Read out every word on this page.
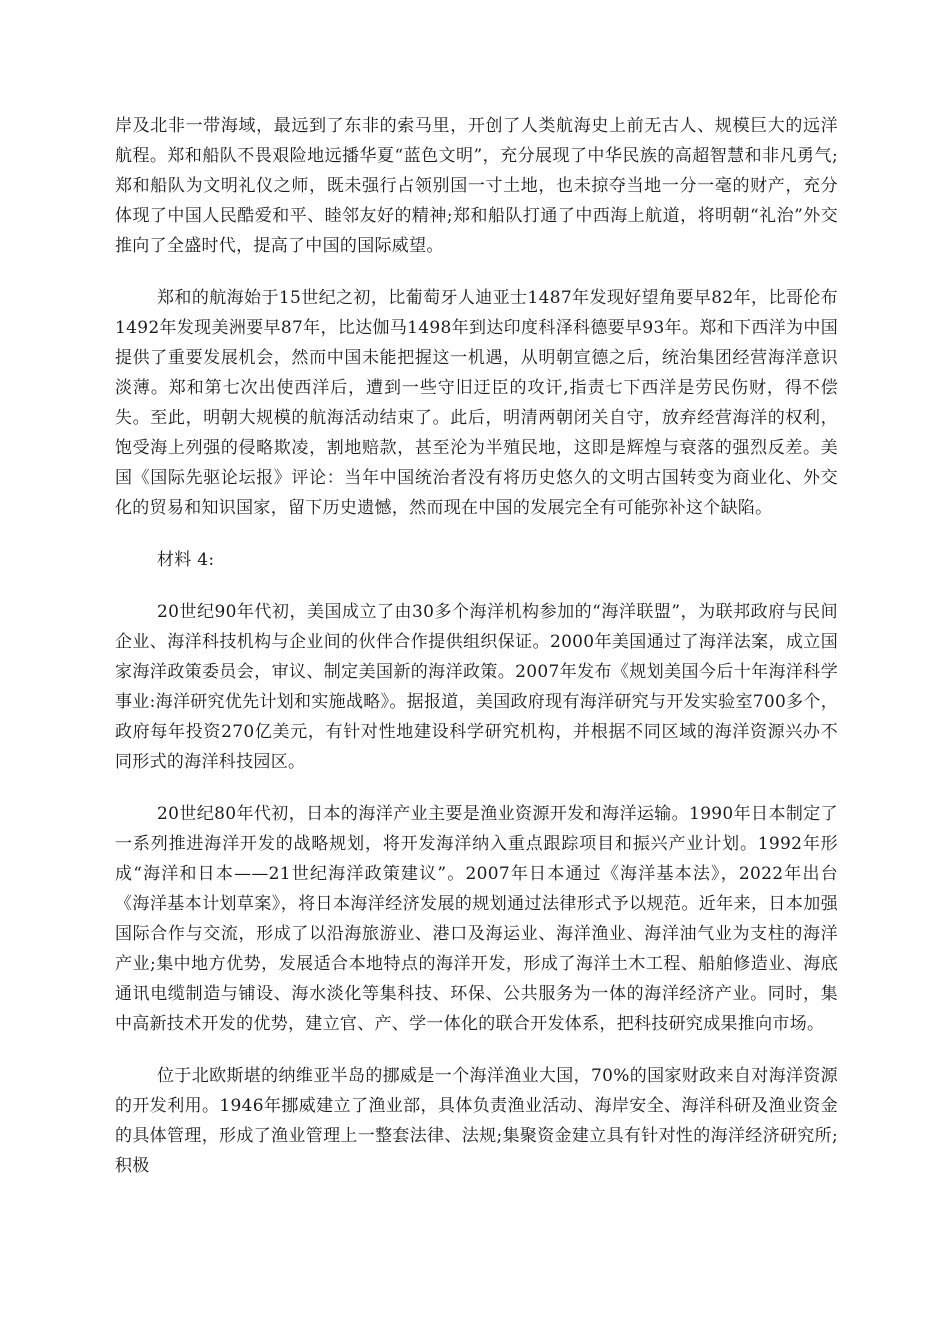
岸及北非一带海域，最远到了东非的索马里，开创了人类航海史上前无古人、规模巨大的远洋航程。郑和船队不畏艰险地远播华夏“蓝色文明”，充分展现了中华民族的高超智慧和非凡勇气;郑和船队为文明礼仪之师，既未强行占领别国一寸土地，也未掠夺当地一分一毫的财产，充分体现了中国人民酷爱和平、睦邻友好的精神;郑和船队打通了中西海上航道，将明朝“礼治”外交推向了全盛时代，提高了中国的国际威望。

郑和的航海始于15世纪之初，比葡萄牙人迪亚士1487年发现好望角要早82年，比哥伦布1492年发现美洲要早87年，比达伽马1498年到达印度科泽科德要早93年。郑和下西洋为中国提供了重要发展机会，然而中国未能把握这一机遇，从明朝宣德之后，统治集团经营海洋意识淡薄。郑和第七次出使西洋后，遭到一些守旧迂臣的攻讦,指责七下西洋是劳民伤财，得不偿失。至此，明朝大规模的航海活动结束了。此后，明清两朝闭关自守，放弃经营海洋的权利，饱受海上列强的侵略欺凌，割地赔款，甚至沦为半殖民地，这即是辉煌与衰落的强烈反差。美国《国际先驱论坛报》评论：当年中国统治者没有将历史悠久的文明古国转变为商业化、外交化的贸易和知识国家，留下历史遗憾，然而现在中国的发展完全有可能弥补这个缺陷。

材料 4:

20世纪90年代初，美国成立了由30多个海洋机构参加的“海洋联盟”，为联邦政府与民间企业、海洋科技机构与企业间的伙伴合作提供组织保证。2000年美国通过了海洋法案，成立国家海洋政策委员会，审议、制定美国新的海洋政策。2007年发布《规划美国今后十年海洋科学事业:海洋研究优先计划和实施战略》。据报道，美国政府现有海洋研究与开发实验室700多个，政府每年投资270亿美元，有针对性地建设科学研究机构，并根据不同区域的海洋资源兴办不同形式的海洋科技园区。

20世纪80年代初，日本的海洋产业主要是渔业资源开发和海洋运输。1990年日本制定了一系列推进海洋开发的战略规划，将开发海洋纳入重点跟踪项目和振兴产业计划。1992年形成“海洋和日本——21世纪海洋政策建议”。2007年日本通过《海洋基本法》，2022年出台《海洋基本计划草案》，将日本海洋经济发展的规划通过法律形式予以规范。近年来，日本加强国际合作与交流，形成了以沿海旅游业、港口及海运业、海洋渔业、海洋油气业为支柱的海洋产业;集中地方优势，发展适合本地特点的海洋开发，形成了海洋土木工程、船舶修造业、海底通讯电缆制造与铺设、海水淡化等集科技、环保、公共服务为一体的海洋经济产业。同时，集中高新技术开发的优势，建立官、产、学一体化的联合开发体系，把科技研究成果推向市场。

位于北欧斯堪的纳维亚半岛的挪威是一个海洋渔业大国，70%的国家财政来自对海洋资源的开发利用。1946年挪威建立了渔业部，具体负责渔业活动、海岸安全、海洋科研及渔业资金的具体管理，形成了渔业管理上一整套法律、法规;集聚资金建立具有针对性的海洋经济研究所;积极
